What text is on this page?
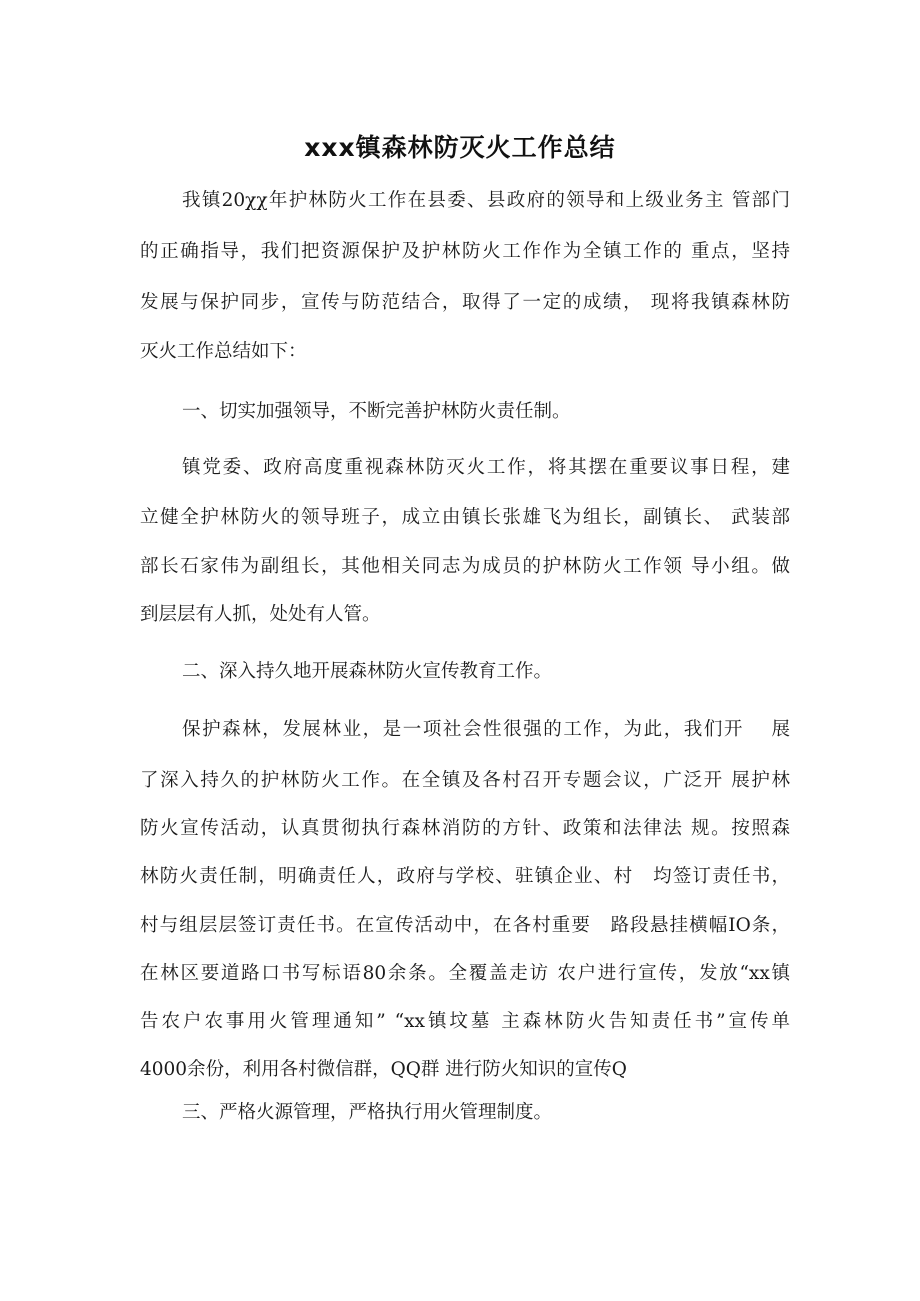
xxx镇森林防灭火工作总结
我镇20χχ年护林防火工作在县委、县政府的领导和上级业务主 管部门
的正确指导，我们把资源保护及护林防火工作作为全镇工作的 重点，坚持
发展与保护同步，宣传与防范结合，取得了一定的成绩， 现将我镇森林防
灭火工作总结如下：
一、切实加强领导，不断完善护林防火责任制。
镇党委、政府高度重视森林防灭火工作，将其摆在重要议事日程，建
立健全护林防火的领导班子，成立由镇长张雄飞为组长，副镇长、 武装部
部长石家伟为副组长，其他相关同志为成员的护林防火工作领 导小组。做
到层层有人抓，处处有人管。
二、深入持久地开展森林防火宣传教育工作。
保护森林，发展林业，是一项社会性很强的工作，为此，我们开　 展
了深入持久的护林防火工作。在全镇及各村召开专题会议，广泛开 展护林
防火宣传活动，认真贯彻执行森林消防的方针、政策和法律法 规。按照森
林防火责任制，明确责任人，政府与学校、驻镇企业、村　均签订责任书，
村与组层层签订责任书。在宣传活动中，在各村重要　路段悬挂横幅IO条，
在林区要道路口书写标语80余条。全覆盖走访 农户进行宣传，发放“xx镇
告农户农事用火管理通知” “xx镇坟墓 主森林防火告知责任书”宣传单
4000余份，利用各村微信群，QQ群 进行防火知识的宣传Q
三、严格火源管理，严格执行用火管理制度。
